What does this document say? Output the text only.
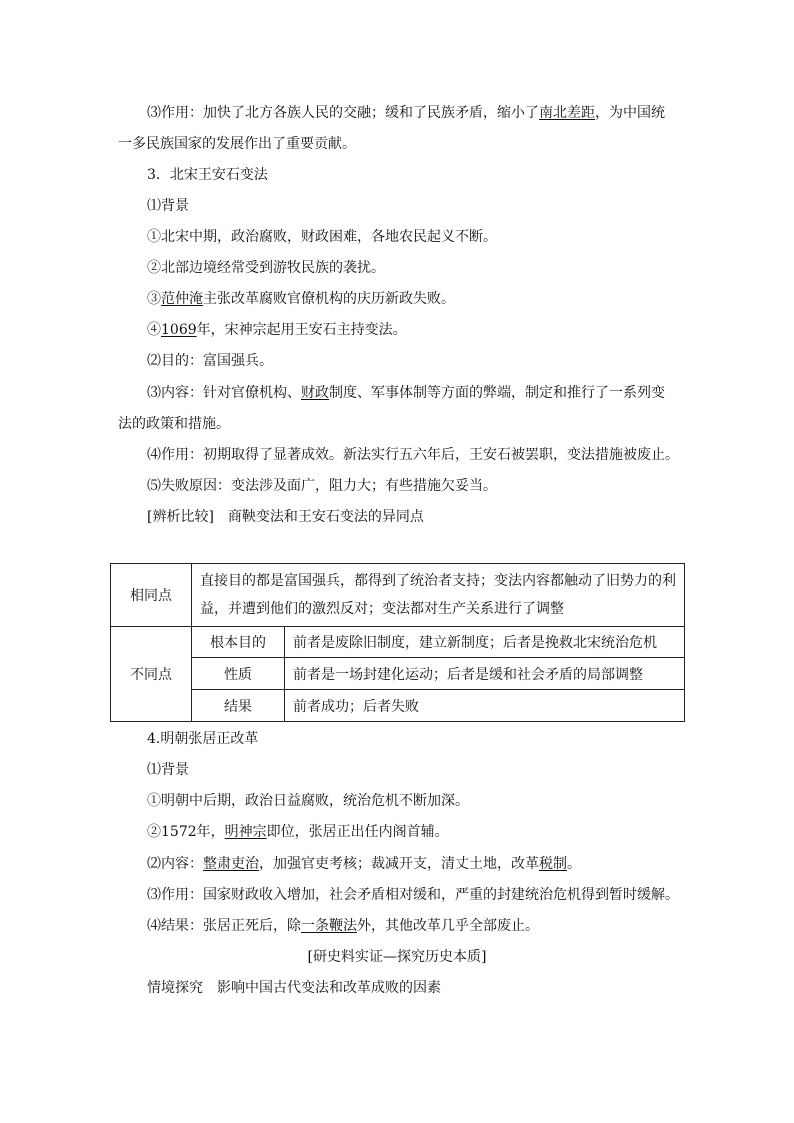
⑶作用：加快了北方各族人民的交融；缓和了民族矛盾，缩小了南北差距，为中国统
一多民族国家的发展作出了重要贡献。
3．北宋王安石变法
⑴背景
①北宋中期，政治腐败，财政困难，各地农民起义不断。
②北部边境经常受到游牧民族的袭扰。
③范仲淹主张改革腐败官僚机构的庆历新政失败。
④1069年，宋神宗起用王安石主持变法。
⑵目的：富国强兵。
⑶内容：针对官僚机构、财政制度、军事体制等方面的弊端，制定和推行了一系列变
法的政策和措施。
⑷作用：初期取得了显著成效。新法实行五六年后，王安石被罢职，变法措施被废止。
⑸失败原因：变法涉及面广，阻力大；有些措施欠妥当。
[辨析比较]　商鞅变法和王安石变法的异同点
相同点	直接目的都是富国强兵，都得到了统治者支持；变法内容都触动了旧势力的利
益，并遭到他们的激烈反对；变法都对生产关系进行了调整	

不同点	根本目的	前者是废除旧制度，建立新制度；后者是挽救北宋统治危机
	性质	前者是一场封建化运动；后者是缓和社会矛盾的局部调整
	结果	前者成功；后者失败
4.明朝张居正改革
⑴背景
①明朝中后期，政治日益腐败，统治危机不断加深。
②1572年，明神宗即位，张居正出任内阁首辅。
⑵内容：整肃吏治，加强官吏考核；裁减开支，清丈土地，改革税制。
⑶作用：国家财政收入增加，社会矛盾相对缓和，严重的封建统治危机得到暂时缓解。
⑷结果：张居正死后，除一条鞭法外，其他改革几乎全部废止。
[研史料实证—探究历史本质]
情境探究　影响中国古代变法和改革成败的因素
